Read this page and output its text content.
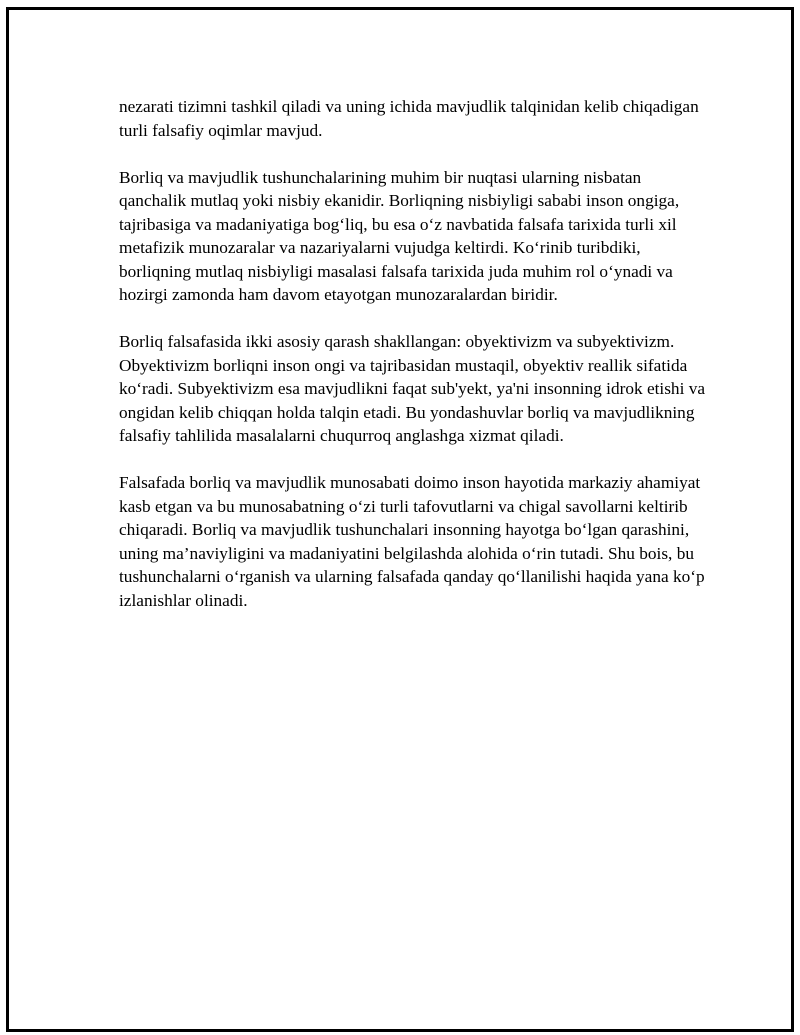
nezarati tizimni tashkil qiladi va uning ichida mavjudlik talqinidan kelib chiqadigan turli falsafiy oqimlar mavjud.

Borliq va mavjudlik tushunchalarining muhim bir nuqtasi ularning nisbatan qanchalik mutlaq yoki nisbiy ekanidir. Borliqning nisbiyligi sababi inson ongiga, tajribasiga va madaniyatiga bog‘liq, bu esa o‘z navbatida falsafa tarixida turli xil metafizik munozaralar va nazariyalarni vujudga keltirdi. Ko‘rinib turibdiki, borliqning mutlaq nisbiyligi masalasi falsafa tarixida juda muhim rol o‘ynadi va hozirgi zamonda ham davom etayotgan munozaralardan biridir.

Borliq falsafasida ikki asosiy qarash shakllangan: obyektivizm va subyektivizm. Obyektivizm borliqni inson ongi va tajribasidan mustaqil, obyektiv reallik sifatida ko‘radi. Subyektivizm esa mavjudlikni faqat sub'yekt, ya'ni insonning idrok etishi va ongidan kelib chiqqan holda talqin etadi. Bu yondashuvlar borliq va mavjudlikning falsafiy tahlilida masalalarni chuqurroq anglashga xizmat qiladi.

Falsafada borliq va mavjudlik munosabati doimo inson hayotida markaziy ahamiyat kasb etgan va bu munosabatning o‘zi turli tafovutlarni va chigal savollarni keltirib chiqaradi. Borliq va mavjudlik tushunchalari insonning hayotga bo‘lgan qarashini, uning ma’naviyligini va madaniyatini belgilashda alohida o‘rin tutadi. Shu bois, bu tushunchalarni o‘rganish va ularning falsafada qanday qo‘llanilishi haqida yana ko‘p izlanishlar olinadi.
